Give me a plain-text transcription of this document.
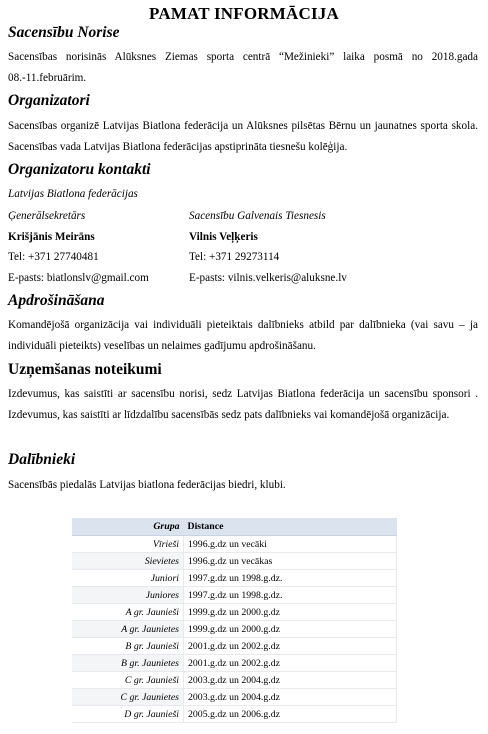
PAMAT INFORMĀCIJA
Sacensību Norise
Sacensības norisinās Alūksnes Ziemas sporta centrā “Mežinieki” laika posmā no 2018.gada 08.-11.februārim.
Organizatori
Sacensības organizē Latvijas Biatlona federācija un Alūksnes pilsētas Bērnu un jaunatnes sporta skola. Sacensības vada Latvijas Biatlona federācijas apstiprināta tiesnešu kolēģija.
Organizatoru kontakti
Latvijas Biatlona federācijas
Ģenerālsekretārs
Krišjānis Meirāns
Tel: +371 27740481
E-pasts: biatlonslv@gmail.com
Sacensību Galvenais Tiesnesis
Vilnis Veļķeris
Tel: +371 29273114
E-pasts: vilnis.velkeris@aluksne.lv
Apdrošināšana
Komandējošā organizācija vai individuāli pieteiktais dalībnieks atbild par dalībnieka (vai savu – ja individuāli pieteikts) veselības un nelaimes gadījumu apdrošināšanu.
Uzņemšanas noteikumi
Izdevumus, kas saistīti ar sacensību norisi, sedz Latvijas Biatlona federācija un sacensību sponsori . Izdevumus, kas saistīti ar līdzdalību sacensībās sedz pats dalībnieks vai komandējošā organizācija.
Dalībnieki
Sacensībās piedalās Latvijas biatlona federācijas biedri, klubi.
Grupa	Distance
Vīrieši	1996.g.dz un vecāki
Sievietes	1996.g.dz un vecākas
Juniori	1997.g.dz un 1998.g.dz.
Juniores	1997.g.dz un 1998.g.dz.
A gr. Jaunieši	1999.g.dz un 2000.g.dz
A gr. Jaunietes	1999.g.dz un 2000.g.dz
B gr. Jaunieši	2001.g.dz un 2002.g.dz
B gr. Jaunietes	2001.g.dz un 2002.g.dz
C gr. Jaunieši	2003.g.dz un 2004.g.dz
C gr. Jaunietes	2003.g.dz un 2004.g.dz
D gr. Jaunieši	2005.g.dz un 2006.g.dz
